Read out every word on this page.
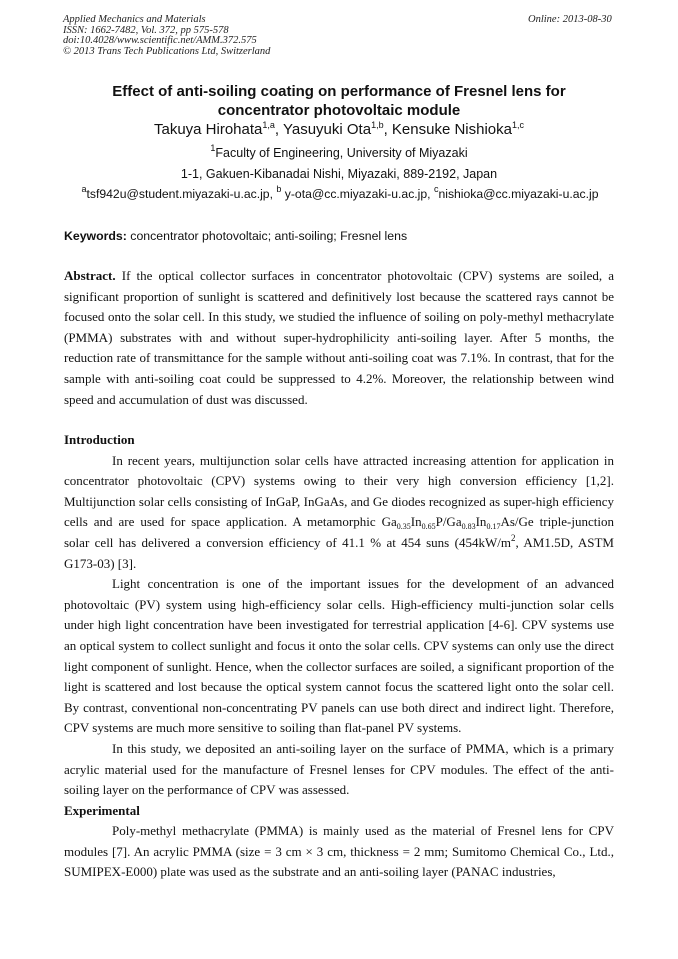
Applied Mechanics and Materials
ISSN: 1662-7482, Vol. 372, pp 575-578
doi:10.4028/www.scientific.net/AMM.372.575
© 2013 Trans Tech Publications Ltd, Switzerland
Online: 2013-08-30
Effect of anti-soiling coating on performance of Fresnel lens for
concentrator photovoltaic module
Takuya Hirohata$^{1,a}$, Yasuyuki Ota$^{1,b}$, Kensuke Nishioka$^{1,c}$
$^1$Faculty of Engineering, University of Miyazaki
1-1, Gakuen-Kibanadai Nishi, Miyazaki, 889-2192, Japan
$^a$tsf942u@student.miyazaki-u.ac.jp, $^b$ y-ota@cc.miyazaki-u.ac.jp, $^c$nishioka@cc.miyazaki-u.ac.jp
Keywords: concentrator photovoltaic; anti-soiling; Fresnel lens

Abstract. If the optical collector surfaces in concentrator photovoltaic (CPV) systems are soiled, a significant proportion of sunlight is scattered and definitively lost because the scattered rays cannot be focused onto the solar cell. In this study, we studied the influence of soiling on poly-methyl methacrylate (PMMA) substrates with and without super-hydrophilicity anti-soiling layer. After 5 months, the reduction rate of transmittance for the sample without anti-soiling coat was 7.1%. In contrast, that for the sample with anti-soiling coat could be suppressed to 4.2%. Moreover, the relationship between wind speed and accumulation of dust was discussed.

Introduction

In recent years, multijunction solar cells have attracted increasing attention for application in concentrator photovoltaic (CPV) systems owing to their very high conversion efficiency [1,2]. Multijunction solar cells consisting of InGaP, InGaAs, and Ge diodes recognized as super-high efficiency cells and are used for space application. A metamorphic $Ga_{0.35}In_{0.65}P/Ga_{0.83}In_{0.17}As/Ge$ triple-junction solar cell has delivered a conversion efficiency of 41.1 % at 454 suns ($454kW/m^2$, AM1.5D, ASTM G173-03) [3].

Light concentration is one of the important issues for the development of an advanced photovoltaic (PV) system using high-efficiency solar cells. High-efficiency multi-junction solar cells under high light concentration have been investigated for terrestrial application [4-6]. CPV systems use an optical system to collect sunlight and focus it onto the solar cells. CPV systems can only use the direct light component of sunlight. Hence, when the collector surfaces are soiled, a significant proportion of the light is scattered and lost because the optical system cannot focus the scattered light onto the solar cell. By contrast, conventional non-concentrating PV panels can use both direct and indirect light. Therefore, CPV systems are much more sensitive to soiling than flat-panel PV systems.

In this study, we deposited an anti-soiling layer on the surface of PMMA, which is a primary acrylic material used for the manufacture of Fresnel lenses for CPV modules. The effect of the anti-soiling layer on the performance of CPV was assessed.

Experimental

Poly-methyl methacrylate (PMMA) is mainly used as the material of Fresnel lens for CPV modules [7]. An acrylic PMMA (size = 3 cm × 3 cm, thickness = 2 mm; Sumitomo Chemical Co., Ltd., SUMIPEX-E000) plate was used as the substrate and an anti-soiling layer (PANAC industries,
